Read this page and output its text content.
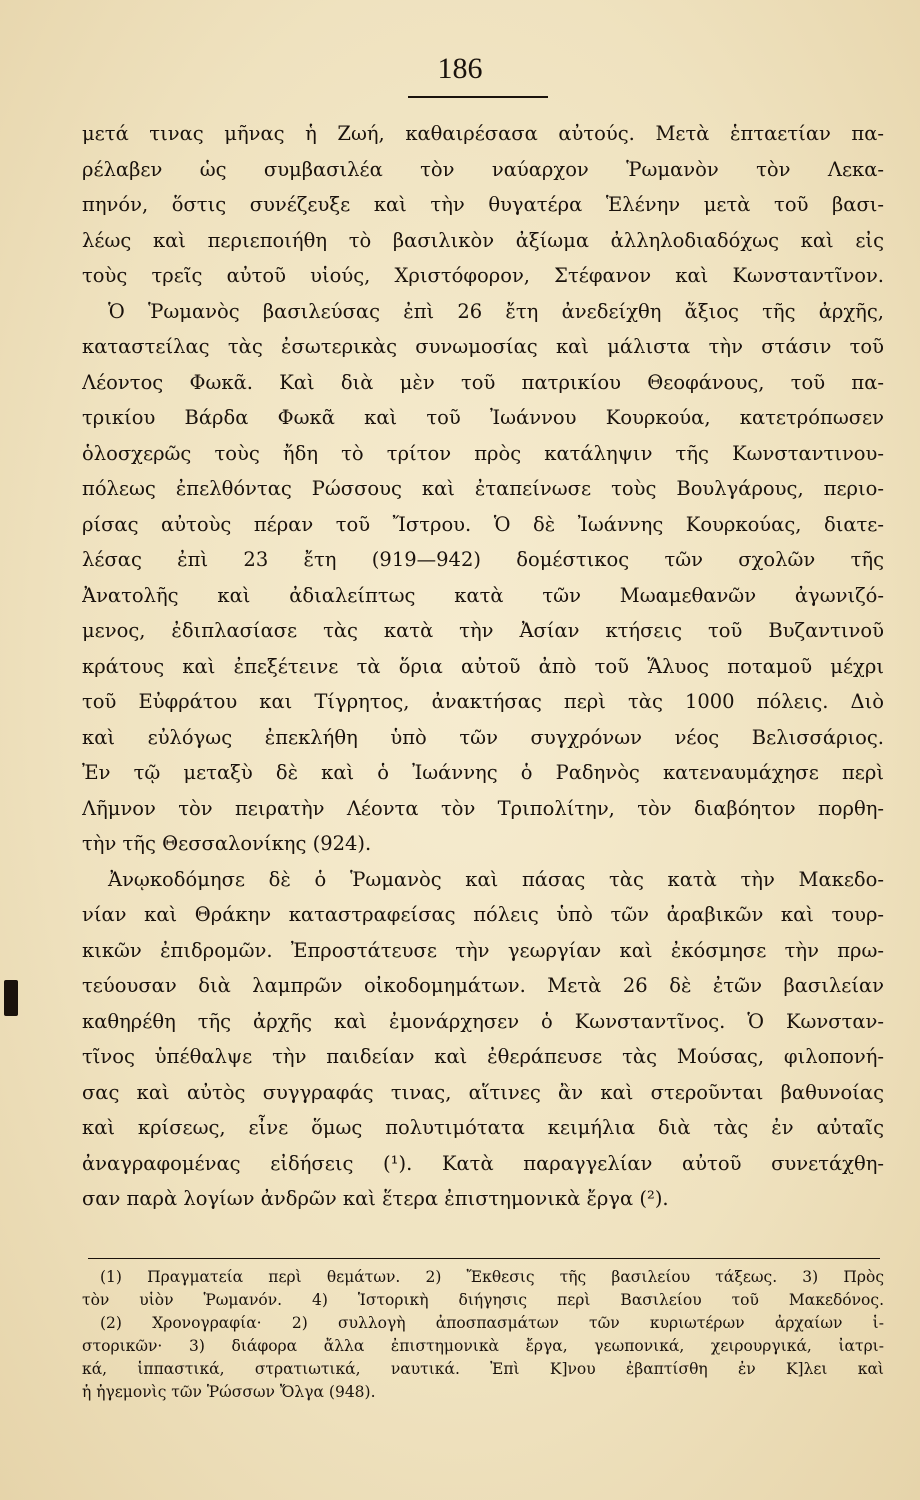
186
μετά τινας μῆνας ἡ Ζωή, καθαιρέσασα αὐτούς. Μετὰ ἑπταετίαν πα-
ρέλαβεν ὡς συμβασιλέα τὸν ναύαρχον Ῥωμανὸν τὸν Λεκα-
πηνόν, ὅστις συνέζευξε καὶ τὴν θυγατέρα Ἑλένην μετὰ τοῦ βασι-
λέως καὶ περιεποιήθη τὸ βασιλικὸν ἀξίωμα ἀλληλοδιαδόχως καὶ εἰς
τοὺς τρεῖς αὐτοῦ υἱούς, Χριστόφορον, Στέφανον καὶ Κωνσταντῖνον.
Ὁ Ῥωμανὸς βασιλεύσας ἐπὶ 26 ἔτη ἀνεδείχθη ἄξιος τῆς ἀρχῆς,
καταστείλας τὰς ἐσωτερικὰς συνωμοσίας καὶ μάλιστα τὴν στάσιν τοῦ
Λέοντος Φωκᾶ. Καὶ διὰ μὲν τοῦ πατρικίου Θεοφάνους, τοῦ πα-
τρικίου Βάρδα Φωκᾶ καὶ τοῦ Ἰωάννου Κουρκούα, κατετρόπωσεν
ὁλοσχερῶς τοὺς ἤδη τὸ τρίτον πρὸς κατάληψιν τῆς Κωνσταντινου-
πόλεως ἐπελθόντας Ρώσσους καὶ ἐταπείνωσε τοὺς Βουλγάρους, περιο-
ρίσας αὐτοὺς πέραν τοῦ Ἴστρου. Ὁ δὲ Ἰωάννης Κουρκούας, διατε-
λέσας ἐπὶ 23 ἔτη (919—942) δομέστικος τῶν σχολῶν τῆς
Ἀνατολῆς καὶ ἀδιαλείπτως κατὰ τῶν Μωαμεθανῶν ἀγωνιζό-
μενος, ἐδιπλασίασε τὰς κατὰ τὴν Ἀσίαν κτήσεις τοῦ Βυζαντινοῦ
κράτους καὶ ἐπεξέτεινε τὰ ὅρια αὐτοῦ ἀπὸ τοῦ Ἅλυος ποταμοῦ μέχρι
τοῦ Εὐφράτου και Τίγρητος, ἀνακτήσας περὶ τὰς 1000 πόλεις. Διὸ
καὶ εὐλόγως ἐπεκλήθη ὑπὸ τῶν συγχρόνων νέος Βελισσάριος.
Ἐν τῷ μεταξὺ δὲ καὶ ὁ Ἰωάννης ὁ Ραδηνὸς κατεναυμάχησε περὶ
Λῆμνον τὸν πειρατὴν Λέοντα τὸν Τριπολίτην, τὸν διαβόητον πορθη-
τὴν τῆς Θεσσαλονίκης (924).
Ἀνῳκοδόμησε δὲ ὁ Ῥωμανὸς καὶ πάσας τὰς κατὰ τὴν Μακεδο-
νίαν καὶ Θράκην καταστραφείσας πόλεις ὑπὸ τῶν ἀραβικῶν καὶ τουρ-
κικῶν ἐπιδρομῶν. Ἐπροστάτευσε τὴν γεωργίαν καὶ ἐκόσμησε τὴν πρω-
τεύουσαν διὰ λαμπρῶν οἰκοδομημάτων. Μετὰ 26 δὲ ἐτῶν βασιλείαν
καθηρέθη τῆς ἀρχῆς καὶ ἐμονάρχησεν ὁ Κωνσταντῖνος. Ὁ Κωνσταν-
τῖνος ὑπέθαλψε τὴν παιδείαν καὶ ἐθεράπευσε τὰς Μούσας, φιλοπονή-
σας καὶ αὐτὸς συγγραφάς τινας, αἵτινες ἂν καὶ στεροῦνται βαθυνοίας
καὶ κρίσεως, εἶνε ὅμως πολυτιμότατα κειμήλια διὰ τὰς ἐν αὐταῖς
ἀναγραφομένας εἰδήσεις (¹). Κατὰ παραγγελίαν αὐτοῦ συνετάχθη-
σαν παρὰ λογίων ἀνδρῶν καὶ ἕτερα ἐπιστημονικὰ ἔργα (²).
(1) Πραγματεία περὶ θεμάτων. 2) Ἔκθεσις τῆς βασιλείου τάξεως. 3) Πρὸς
τὸν υἱὸν Ῥωμανόν. 4) Ἱστορικὴ διήγησις περὶ Βασιλείου τοῦ Μακεδόνος.
(2) Χρονογραφία· 2) συλλογὴ ἀποσπασμάτων τῶν κυριωτέρων ἀρχαίων ἱ-
στορικῶν· 3) διάφορα ἄλλα ἐπιστημονικὰ ἔργα, γεωπονικά, χειρουργικά, ἰατρι-
κά, ἱππαστικά, στρατιωτικά, ναυτικά. Ἐπὶ Κ]νου ἐβαπτίσθη ἐν Κ]λει καὶ
ἡ ἡγεμονὶς τῶν Ῥώσσων Ὄλγα (948).
